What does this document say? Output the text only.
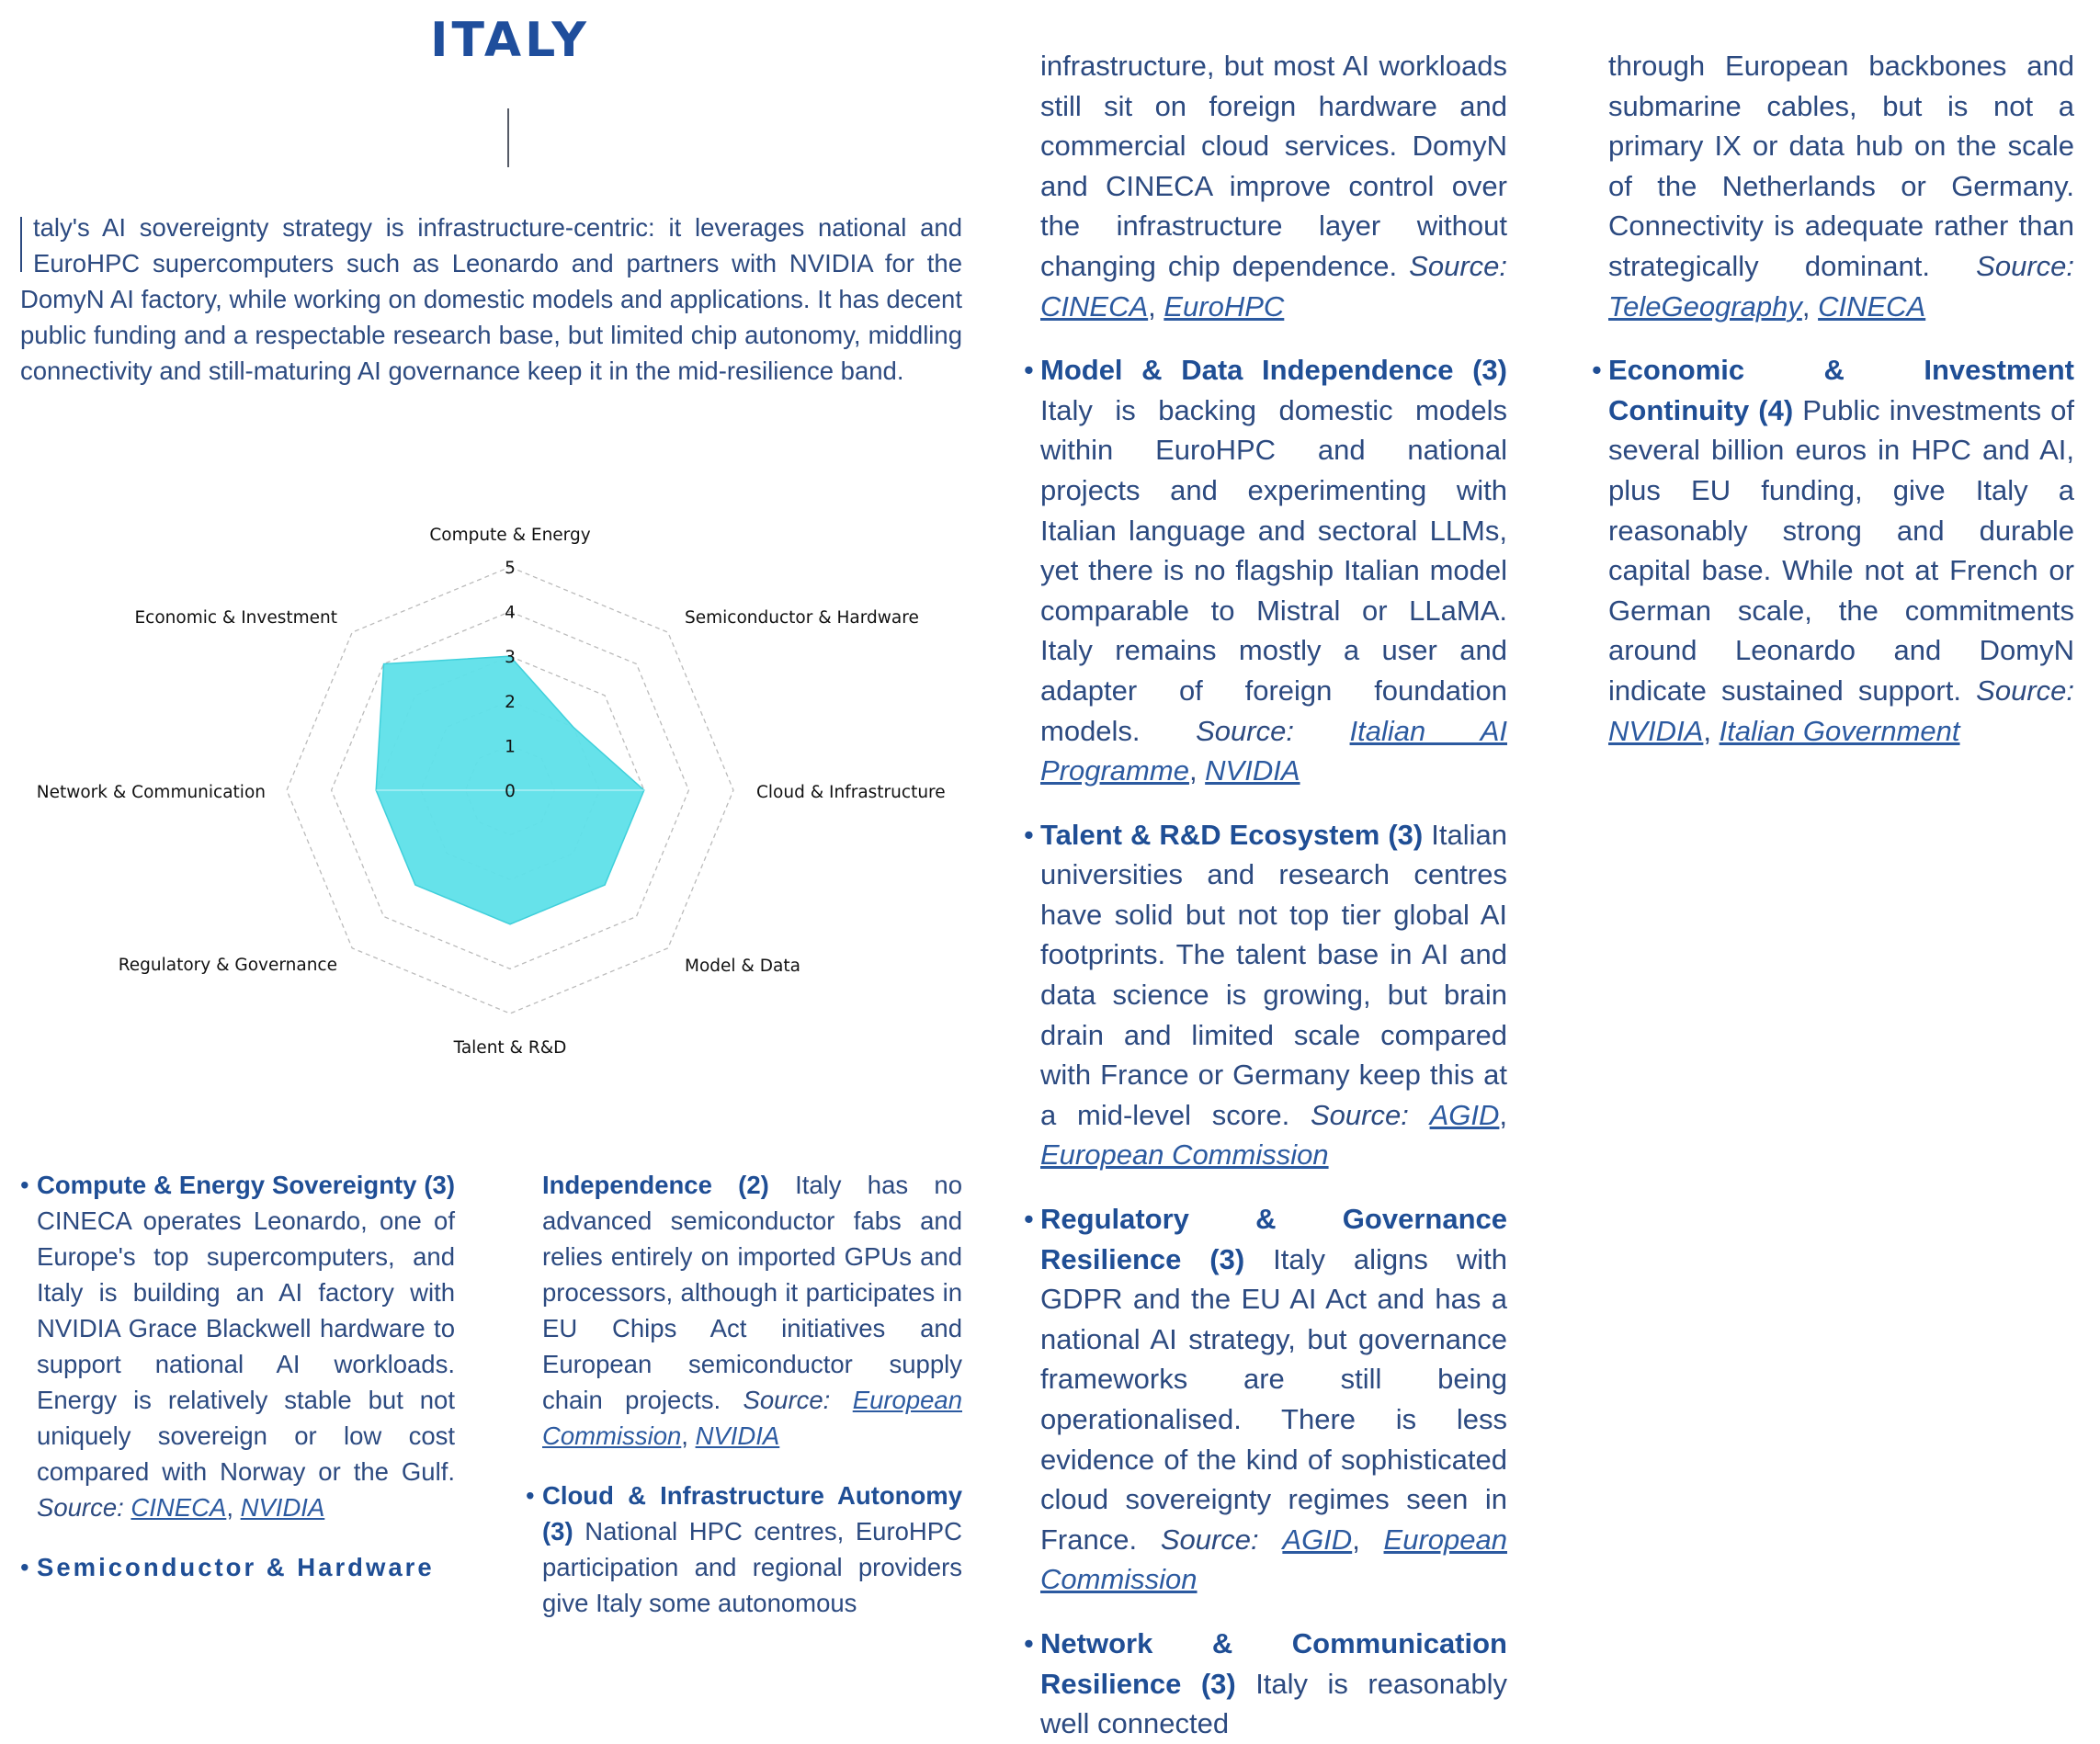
ITALY

taly's AI sovereignty strategy is infrastructure-centric: it leverages national and EuroHPC supercomputers such as Leonardo and partners with NVIDIA for the DomyN AI factory, while working on domestic models and applications. It has decent public funding and a respectable research base, but limited chip autonomy, middling connectivity and still-maturing AI governance keep it in the mid-resilience band.

0
1
2
3
4
5
Compute & Energy
Semiconductor & Hardware
Cloud & Infrastructure
Model & Data
Talent & R&D
Regulatory & Governance
Network & Communication
Economic & Investment
• Compute & Energy Sovereignty (3) CINECA operates Leonardo, one of Europe's top supercomputers, and Italy is building an AI factory with NVIDIA Grace Blackwell hardware to support national AI workloads. Energy is relatively stable but not uniquely sovereign or low cost compared with Norway or the Gulf. Source: CINECA, NVIDIA
• Semiconductor & Hardware
Independence (2) Italy has no advanced semiconductor fabs and relies entirely on imported GPUs and processors, although it participates in EU Chips Act initiatives and European semiconductor supply chain projects. Source: European Commission, NVIDIA
• Cloud & Infrastructure Autonomy (3) National HPC centres, EuroHPC participation and regional providers give Italy some autonomous
infrastructure, but most AI workloads still sit on foreign hardware and commercial cloud services. DomyN and CINECA improve control over the infrastructure layer without changing chip dependence. Source: CINECA, EuroHPC
• Model & Data Independence (3) Italy is backing domestic models within EuroHPC and national projects and experimenting with Italian language and sectoral LLMs, yet there is no flagship Italian model comparable to Mistral or LLaMA. Italy remains mostly a user and adapter of foreign foundation models. Source: Italian AI Programme, NVIDIA
• Talent & R&D Ecosystem (3) Italian universities and research centres have solid but not top tier global AI footprints. The talent base in AI and data science is growing, but brain drain and limited scale compared with France or Germany keep this at a mid-level score. Source: AGID, European Commission
• Regulatory & Governance Resilience (3) Italy aligns with GDPR and the EU AI Act and has a national AI strategy, but governance frameworks are still being operationalised. There is less evidence of the kind of sophisticated cloud sovereignty regimes seen in France. Source: AGID, European Commission
• Network & Communication Resilience (3) Italy is reasonably well connected
through European backbones and submarine cables, but is not a primary IX or data hub on the scale of the Netherlands or Germany. Connectivity is adequate rather than strategically dominant. Source: TeleGeography, CINECA
• Economic & Investment Continuity (4) Public investments of several billion euros in HPC and AI, plus EU funding, give Italy a reasonably strong and durable capital base. While not at French or German scale, the commitments around Leonardo and DomyN indicate sustained support. Source: NVIDIA, Italian Government
